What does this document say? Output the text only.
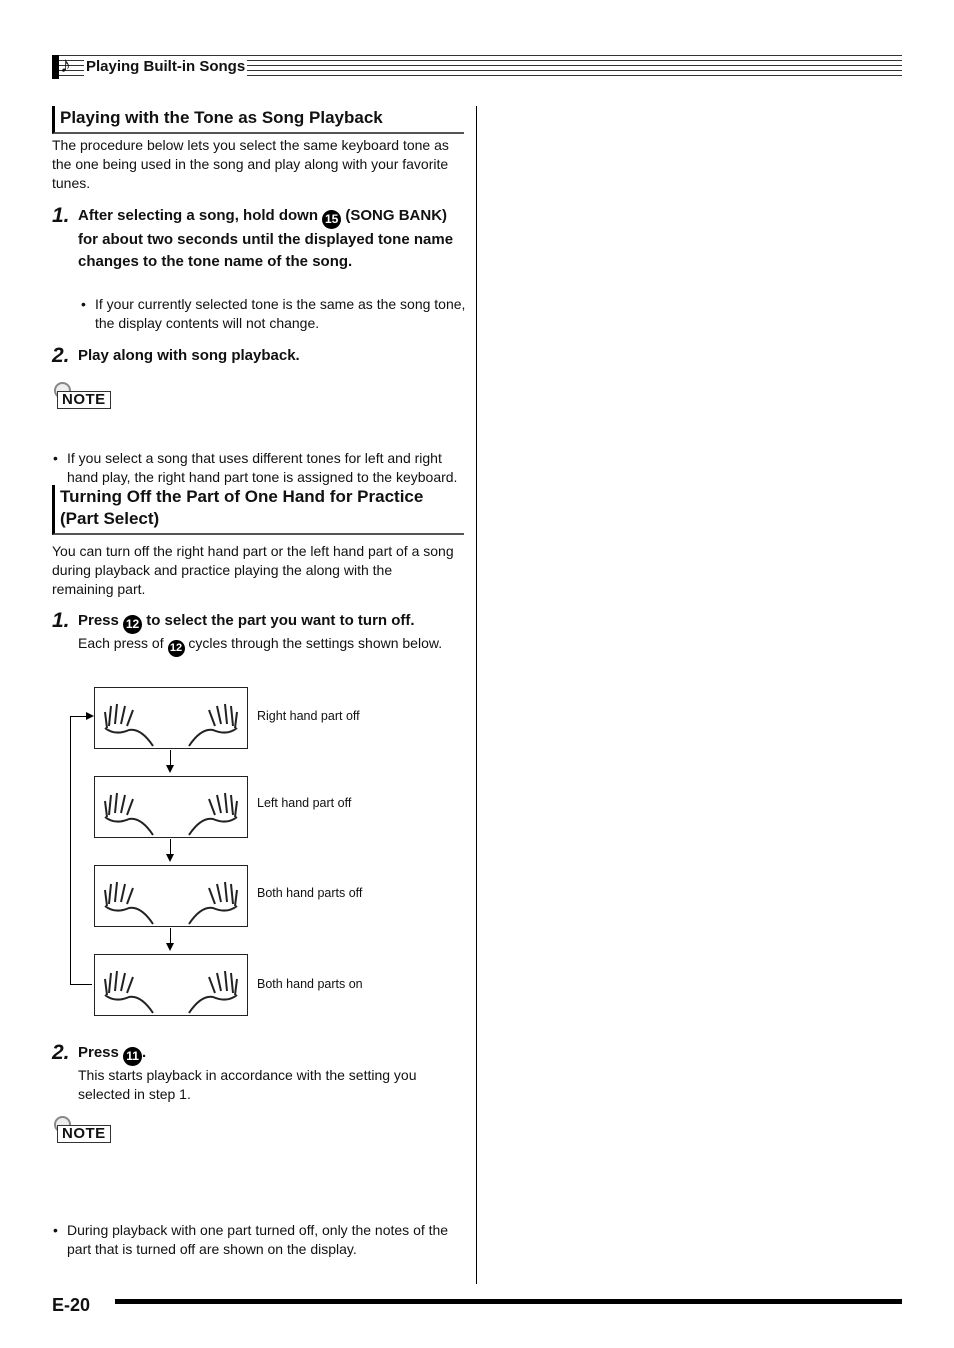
♪ Playing Built-in Songs
Playing with the Tone as Song Playback
The procedure below lets you select the same keyboard tone as the one being used in the song and play along with your favorite tunes.
1. After selecting a song, hold down 15 (SONG BANK) for about two seconds until the displayed tone name changes to the tone name of the song.
• If your currently selected tone is the same as the song tone, the display contents will not change.
2. Play along with song playback.
NOTE
• If you select a song that uses different tones for left and right hand play, the right hand part tone is assigned to the keyboard.
Turning Off the Part of One Hand for Practice (Part Select)
You can turn off the right hand part or the left hand part of a song during playback and practice playing the along with the remaining part.
1. Press 12 to select the part you want to turn off.
Each press of 12 cycles through the settings shown below.
Right hand part off
Left hand part off
Both hand parts off
Both hand parts on
2. Press 11 .
This starts playback in accordance with the setting you selected in step 1.
NOTE
• During playback with one part turned off, only the notes of the part that is turned off are shown on the display.
E-20
